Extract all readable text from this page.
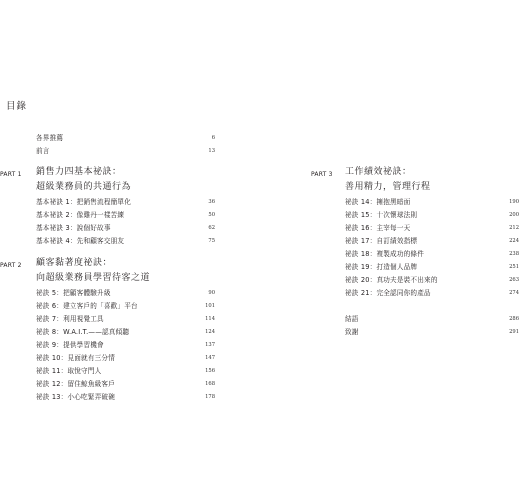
目錄
各界推薦	6
前言	13
PART 1 銷售力四基本祕訣：
超級業務員的共通行為
基本祕訣 1：把銷售流程簡單化	36
基本祕訣 2：像雞丹一樣苦練	50
基本祕訣 3：說個好故事	62
基本祕訣 4：先和顧客交朋友	75
PART 2 顧客黏著度祕訣：
向超級業務員學習待客之道
祕訣 5：把顧客體驗升級	90
祕訣 6：建立客戶的「喜歡」平台	101
祕訣 7：利用視覺工具	114
祕訣 8：W.A.I.T.——認真傾聽	124
祕訣 9：提供學習機會	137
祕訣 10：見面就有三分情	147
祕訣 11：取悅守門人	156
祕訣 12：留住鯨魚級客戶	168
祕訣 13：小心吃緊弄破碗	178
PART 3 工作績效祕訣：
善用精力，管理行程
祕訣 14：擁抱黑暗面	190
祕訣 15：十次懷球法則	200
祕訣 16：主宰每一天	212
祕訣 17：自訂績效指標	224
祕訣 18：複製成功的條件	238
祕訣 19：打造個人品牌	251
祕訣 20：真功夫是裝不出來的	263
祕訣 21：完全認同你的產品	274
結語	286
致謝	291
